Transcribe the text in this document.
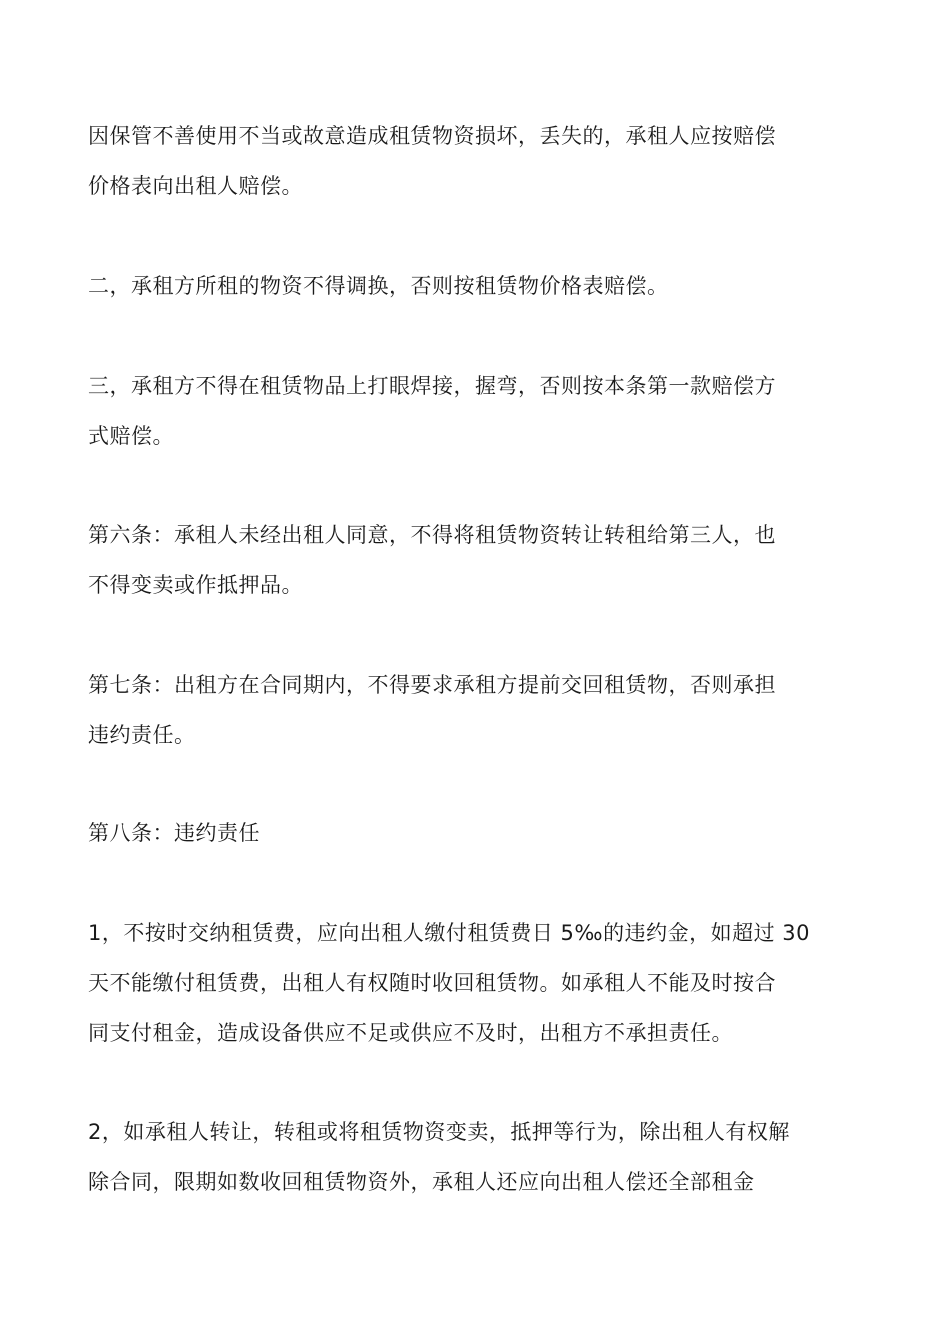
因保管不善使用不当或故意造成租赁物资损坏，丢失的，承租人应按赔偿
价格表向出租人赔偿。
二，承租方所租的物资不得调换，否则按租赁物价格表赔偿。
三，承租方不得在租赁物品上打眼焊接，握弯，否则按本条第一款赔偿方
式赔偿。
第六条：承租人未经出租人同意，不得将租赁物资转让转租给第三人，也
不得变卖或作抵押品。
第七条：出租方在合同期内，不得要求承租方提前交回租赁物，否则承担
违约责任。
第八条：违约责任
1，不按时交纳租赁费，应向出租人缴付租赁费日 5‰的违约金，如超过 30
天不能缴付租赁费，出租人有权随时收回租赁物。如承租人不能及时按合
同支付租金，造成设备供应不足或供应不及时，出租方不承担责任。
2，如承租人转让，转租或将租赁物资变卖，抵押等行为，除出租人有权解
除合同，限期如数收回租赁物资外，承租人还应向出租人偿还全部租金
